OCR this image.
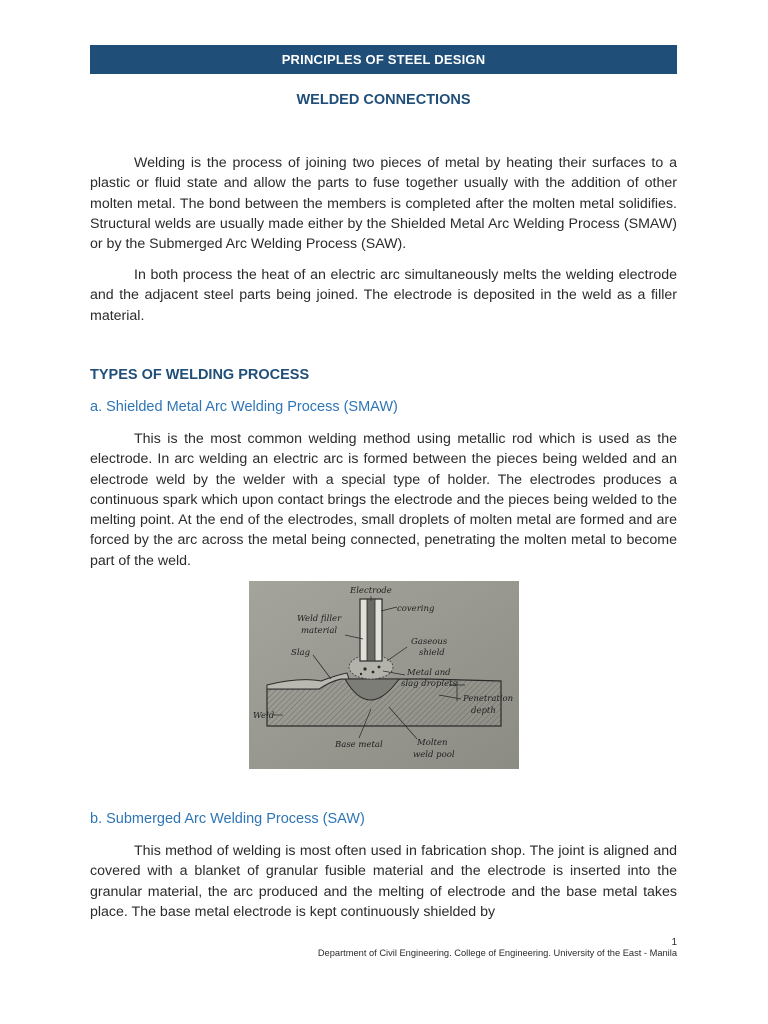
PRINCIPLES OF STEEL DESIGN
WELDED CONNECTIONS

Welding is the process of joining two pieces of metal by heating their surfaces to a plastic or fluid state and allow the parts to fuse together usually with the addition of other molten metal. The bond between the members is completed after the molten metal solidifies. Structural welds are usually made either by the Shielded Metal Arc Welding Process (SMAW) or by the Submerged Arc Welding Process (SAW).

In both process the heat of an electric arc simultaneously melts the welding electrode and the adjacent steel parts being joined. The electrode is deposited in the weld as a filler material.

TYPES OF WELDING PROCESS
a. Shielded Metal Arc Welding Process (SMAW)

This is the most common welding method using metallic rod which is used as the electrode. In arc welding an electric arc is formed between the pieces being welded and an electrode weld by the welder with a special type of holder. The electrodes produces a continuous spark which upon contact brings the electrode and the pieces being welded to the melting point. At the end of the electrodes, small droplets of molten metal are formed and are forced by the arc across the metal being connected, penetrating the molten metal to become part of the weld.

Electrode
covering
Weld filler
material
Gaseous
shield
Slag
Metal and
slag droplets
Penetration
depth
Weld
Base metal	Molten
weld pool
b. Submerged Arc Welding Process (SAW)

This method of welding is most often used in fabrication shop. The joint is aligned and covered with a blanket of granular fusible material and the electrode is inserted into the granular material, the arc produced and the melting of electrode and the base metal takes place. The base metal electrode is kept continuously shielded by

1
Department of Civil Engineering. College of Engineering. University of the East - Manila
